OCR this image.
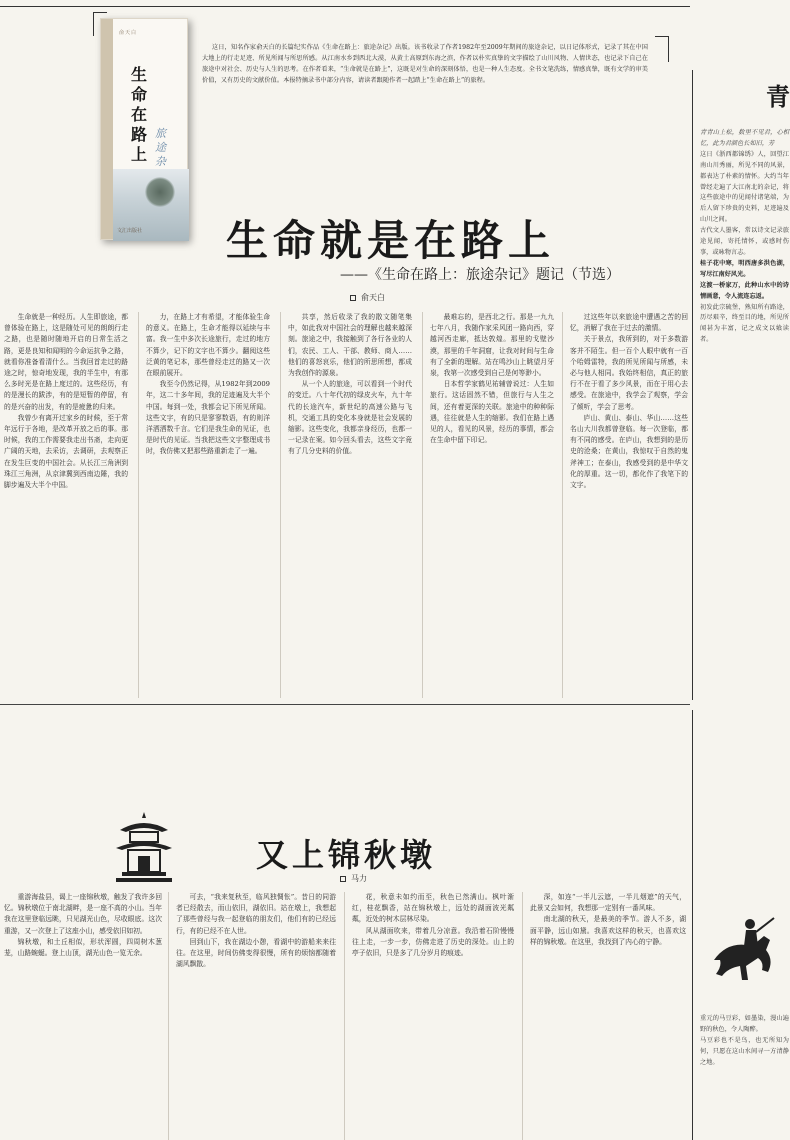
俞天白
生命在路上
旅途杂
文汇出版社
这日，知名作家俞天白的长篇纪实作品《生命在路上：旅途杂记》出版。该书收录了作者1982年至2009年期间的旅途杂记，以日记体形式，记录了其在中国大地上的行走足迹、所见所闻与所思所感。从江南水乡到西北大漠，从黄土高原到东海之滨，作者以朴实真挚的文字描绘了山川风物、人情世态，也记录下自己在旅途中对社会、历史与人生的思考。在作者看来，“生命就是在路上”，这既是对生命的深刻体悟，也是一种人生态度。全书文笔洗练，情感真挚，既有文学的审美价值，又有历史的文献价值。本报特摘录书中部分内容，请读者跟随作者一起踏上“生命在路上”的旅程。
生命就是在路上
——《生命在路上：旅途杂记》题记（节选）
俞天白

生命就是一种经历。人生即旅途，都曾体验在路上，这是随处可见的朗朗行走之路，也是随时随地开启的日常生活之路，更是良知和闻明的今命运抗争之路，就看你准备看清什么。当我回首走过的路途之时，惊奇地发现，我的半生中，有那么多时光是在路上度过的。这些经历，有的是漫长的跋涉，有的是短暂的停留，有的是兴奋的出发，有的是疲惫的归来。

我曾少有离开过家乡的时候，至于常年远行于各地，是改革开放之后的事。那时候，我的工作需要我走出书斋，走向更广阔的天地，去采访，去调研，去观察正在发生巨变的中国社会。从长江三角洲到珠江三角洲，从京津冀到西南边陲，我的脚步遍及大半个中国。

力，在路上才有希望，才能体验生命的意义。在路上，生命才能得以延续与丰富。我一生中多次长途旅行，走过的地方不算少，记下的文字也不算少。翻阅这些泛黄的笔记本，那些曾经走过的路又一次在眼前展开。

我至今仍然记得，从1982年到2009年，这二十多年间，我的足迹遍及大半个中国。每到一处，我都会记下所见所闻。这些文字，有的只是寥寥数语，有的则洋洋洒洒数千言。它们是我生命的见证，也是时代的见证。当我把这些文字整理成书时，我仿佛又把那些路重新走了一遍。

共享，然后收录了我的散文随笔集中，如此我对中国社会的理解也越来越深刻。旅途之中，我接触到了各行各业的人们，农民、工人、干部、教师、商人……他们的喜怒哀乐，他们的所思所想，都成为我创作的源泉。

从一个人的旅途，可以看到一个时代的变迁。八十年代初的绿皮火车，九十年代的长途汽车，新世纪的高速公路与飞机，交通工具的变化本身就是社会发展的缩影。这些变化，我都亲身经历，也都一一记录在案。如今回头看去，这些文字竟有了几分史料的价值。

最难忘的，是西北之行。那是一九九七年八月，我随作家采风团一路向西，穿越河西走廊，抵达敦煌。那里的戈壁沙漠，那里的千年洞窟，让我对时间与生命有了全新的理解。站在鸣沙山上眺望月牙泉，我第一次感受到自己是何等渺小。

日本哲学家鹤见祐辅曾说过：人生如旅行。这话固然不错，但旅行与人生之间，还有着更深的关联。旅途中的种种际遇，往往就是人生的缩影。我们在路上遇见的人，看见的风景，经历的事情，都会在生命中留下印记。

过这些年以来旅途中遭遇之苦的回忆，消解了我在于过去的激情。

关于景点，我所到的，对于多数游客并不陌生。但一百个人眼中就有一百个哈姆雷特，我的所见所闻与所感，未必与他人相同。我始终相信，真正的旅行不在于看了多少风景，而在于用心去感受。在旅途中，我学会了观察，学会了倾听，学会了思考。

庐山、黄山、泰山、华山……这些名山大川我都曾登临。每一次登临，都有不同的感受。在庐山，我想到的是历史的沧桑；在黄山，我惊叹于自然的鬼斧神工；在泰山，我感受到的是中华文化的厚重。这一切，都化作了我笔下的文字。

青

青青山上松，数里不见君，心相忆，此为君颜色长如旧，芳

这日《浙西都锦绣》人，回望江南山川秀丽，所见不同的风景，都表达了朴素的情怀。大约当年曾经走遍了大江南北的杂记，将这些旅途中的见闻付诸笔端，为后人留下珍贵的史料，足迹遍及山川之间。

古代文人墨客，常以诗文记录旅途见闻，寄托情怀，或感时伤事，或咏物言志。

桂子花中寒，明西唐多洪色湖，写尽江南好风光。

这渡一桥家万，此种山水中的诗情画意，令人流连忘返。

初发此宗硫堡，熟知所有路途，历尽艰辛，终至目的地，所见所闻甚为丰富，记之成文以飨读者。

又上锦秋墩
马力

重游海盐县，谒上一座锦秋墩，触发了我许多回忆。锦秋墩位于南北湖畔，是一座不高的小山。当年我在这里登临远眺，只见湖光山色，尽收眼底。这次重游，又一次登上了这座小山，感受依旧如初。

锦秋墩，和土丘相似，形状浑圆，四周树木葱茏，山路蜿蜒。登上山顶，湖光山色一览无余。

可去，“我来复秋至，临风独惆怅”。昔日的同游者已经散去，而山依旧，湖依旧。站在墩上，我想起了那些曾经与我一起登临的朋友们，他们有的已经远行，有的已经不在人世。

回到山下，我在湖边小憩，看湖中的游船来来往往。在这里，时间仿佛变得很慢，所有的烦恼都随着湖风飘散。

花，秋意未如约而至，秋色已然满山。枫叶渐红，桂花飘香，站在锦秋墩上，远处的湖面波光粼粼，近处的树木层林尽染。

风从湖面吹来，带着几分凉意。我沿着石阶慢慢往上走，一步一步，仿佛走进了历史的深处。山上的亭子依旧，只是多了几分岁月的痕迹。

深，如连“一半儿云遮，一半儿烟遮”的天气，此景又会如何，我想那一定别有一番风味。

南北湖的秋天，是最美的季节。游人不多，湖面平静，远山如黛。我喜欢这样的秋天，也喜欢这样的锦秋墩。在这里，我找到了内心的宁静。

重元的马豆彩，如墨染，漫山遍野的秋色，令人陶醉。

马豆彩也不是鸟，也无所知为何，只愿在这山水间寻一方清静之地。
